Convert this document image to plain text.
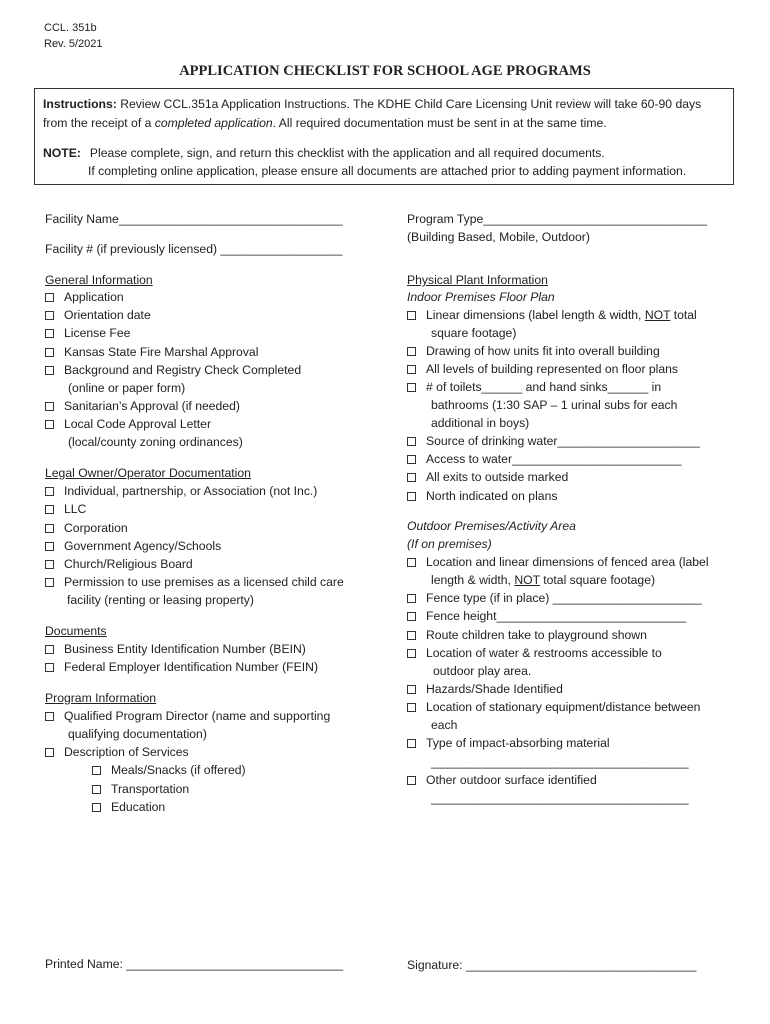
CCL. 351b
Rev. 5/2021
APPLICATION CHECKLIST FOR SCHOOL AGE PROGRAMS
Instructions: Review CCL.351a Application Instructions. The KDHE Child Care Licensing Unit review will take 60-90 days
from the receipt of a completed application. All required documentation must be sent in at the same time.
NOTE: Please complete, sign, and return this checklist with the application and all required documents.
If completing online application, please ensure all documents are attached prior to adding payment information.
Facility Name_________________________________
Facility # (if previously licensed) __________________
Program Type_________________________________
(Building Based, Mobile, Outdoor)
General Information
Application
Orientation date
License Fee
Kansas State Fire Marshal Approval
Background and Registry Check Completed
(online or paper form)
Sanitarian’s Approval (if needed)
Local Code Approval Letter
(local/county zoning ordinances)
Legal Owner/Operator Documentation
Individual, partnership, or Association (not Inc.)
LLC
Corporation
Government Agency/Schools
Church/Religious Board
Permission to use premises as a licensed child care
facility (renting or leasing property)
Documents
Business Entity Identification Number (BEIN)
Federal Employer Identification Number (FEIN)
Program Information
Qualified Program Director (name and supporting
qualifying documentation)
Description of Services
Meals/Snacks (if offered)
Transportation
Education
Physical Plant Information
Indoor Premises Floor Plan
Linear dimensions (label length & width, NOT total
square footage)
Drawing of how units fit into overall building
All levels of building represented on floor plans
# of toilets______ and hand sinks______ in
bathrooms (1:30 SAP – 1 urinal subs for each
additional in boys)
Source of drinking water_____________________
Access to water_________________________
All exits to outside marked
North indicated on plans
Outdoor Premises/Activity Area
(If on premises)
Location and linear dimensions of fenced area (label
length & width, NOT total square footage)
Fence type (if in place) ______________________
Fence height____________________________
Route children take to playground shown
Location of water & restrooms accessible to
outdoor play area.
Hazards/Shade Identified
Location of stationary equipment/distance between
each
Type of impact-absorbing material
______________________________________
Other outdoor surface identified
______________________________________
Printed Name: ________________________________	Signature: __________________________________
